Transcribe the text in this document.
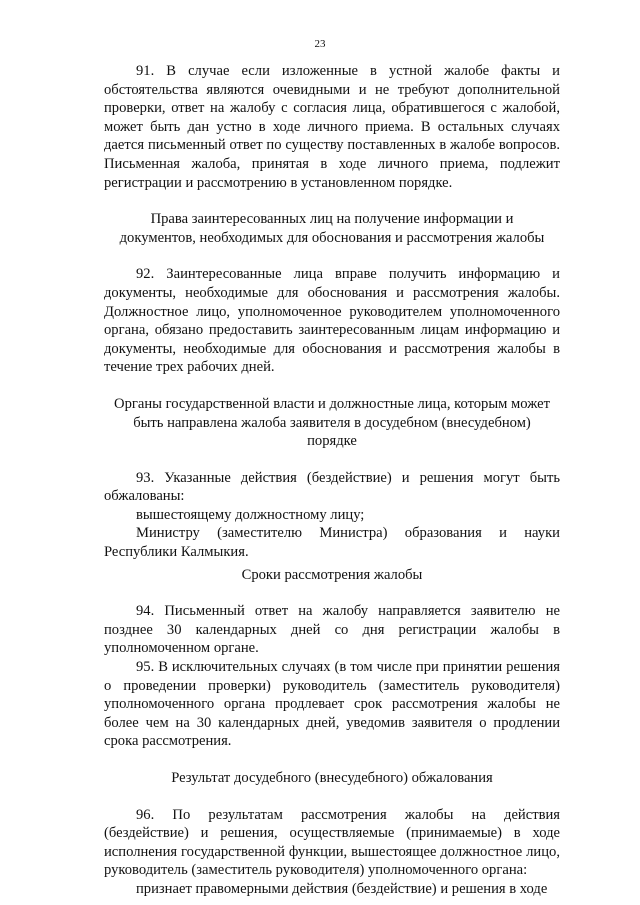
23

91. В случае если изложенные в устной жалобе факты и обстоятельства являются очевидными и не требуют дополнительной проверки, ответ на жалобу с согласия лица, обратившегося с жалобой, может быть дан устно в ходе личного приема. В остальных случаях дается письменный ответ по существу поставленных в жалобе вопросов. Письменная жалоба, принятая в ходе личного приема, подлежит регистрации и рассмотрению в установленном порядке.

Права заинтересованных лиц на получение информации и документов, необходимых для обоснования и рассмотрения жалобы

92. Заинтересованные лица вправе получить информацию и документы, необходимые для обоснования и рассмотрения жалобы. Должностное лицо, уполномоченное руководителем уполномоченного органа, обязано предоставить заинтересованным лицам информацию и документы, необходимые для обоснования и рассмотрения жалобы в течение трех рабочих дней.

Органы государственной власти и должностные лица, которым может быть направлена жалоба заявителя в досудебном (внесудебном) порядке

93. Указанные действия (бездействие) и решения могут быть обжалованы:

вышестоящему должностному лицу;

Министру (заместителю Министра) образования и науки Республики Калмыкия.

Сроки рассмотрения жалобы

94. Письменный ответ на жалобу направляется заявителю не позднее 30 календарных дней со дня регистрации жалобы в уполномоченном органе.

95. В исключительных случаях (в том числе при принятии решения о проведении проверки) руководитель (заместитель руководителя) уполномоченного органа продлевает срок рассмотрения жалобы не более чем на 30 календарных дней, уведомив заявителя о продлении срока рассмотрения.

Результат досудебного (внесудебного) обжалования

96. По результатам рассмотрения жалобы на действия (бездействие) и решения, осуществляемые (принимаемые) в ходе исполнения государственной функции, вышестоящее должностное лицо, руководитель (заместитель руководителя) уполномоченного органа:

признает правомерными действия (бездействие) и решения в ходе
